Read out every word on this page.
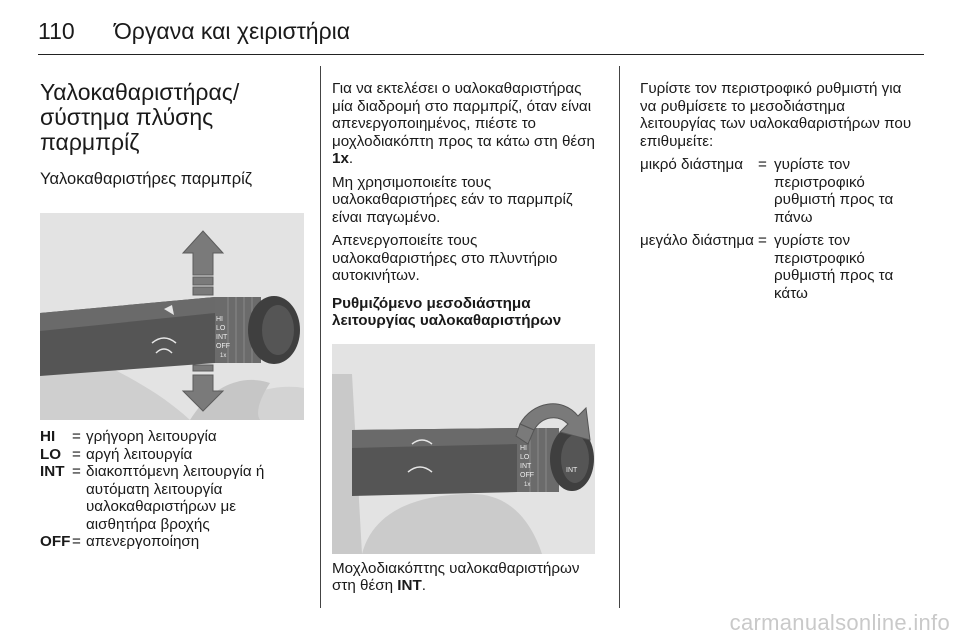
110 Όργανα και χειριστήρια
Υαλοκαθαριστήρας/
σύστημα πλύσης
παρμπρίζ
Υαλοκαθαριστήρες παρμπρίζ
HI
LO
INT
OFF
1x
HI	= γρήγορη λειτουργία
LO = αργή λειτουργία
INT = διακοπτόμενη λειτουργία ή αυτόματη λειτουργία υαλοκαθαριστήρων με αισθητήρα βροχής
OFF = απενεργοποίηση

Για να εκτελέσει ο υαλοκαθαριστήρας μία διαδρομή στο παρμπρίζ, όταν είναι απενεργοποιημένος, πιέστε το μοχλοδιακόπτη προς τα κάτω στη θέση 1x.

Μη χρησιμοποιείτε τους υαλοκαθαριστήρες εάν το παρμπρίζ είναι παγωμένο.

Απενεργοποιείτε τους υαλοκαθαριστήρες στο πλυντήριο αυτοκινήτων.

Ρυθμιζόμενο μεσοδιάστημα λειτουργίας υαλοκαθαριστήρων
HI
LO
INT
OFF
1x
INT
Μοχλοδιακόπτης υαλοκαθαριστήρων στη θέση INT.

Γυρίστε τον περιστροφικό ρυθμιστή για να ρυθμίσετε το μεσοδιάστημα λειτουργίας των υαλοκαθαριστήρων που επιθυμείτε:

μικρό διάστημα = γυρίστε τον περιστροφικό ρυθμιστή προς τα πάνω
μεγάλο διάστημα = γυρίστε τον περιστροφικό ρυθμιστή προς τα κάτω
carmanualsonline.info
